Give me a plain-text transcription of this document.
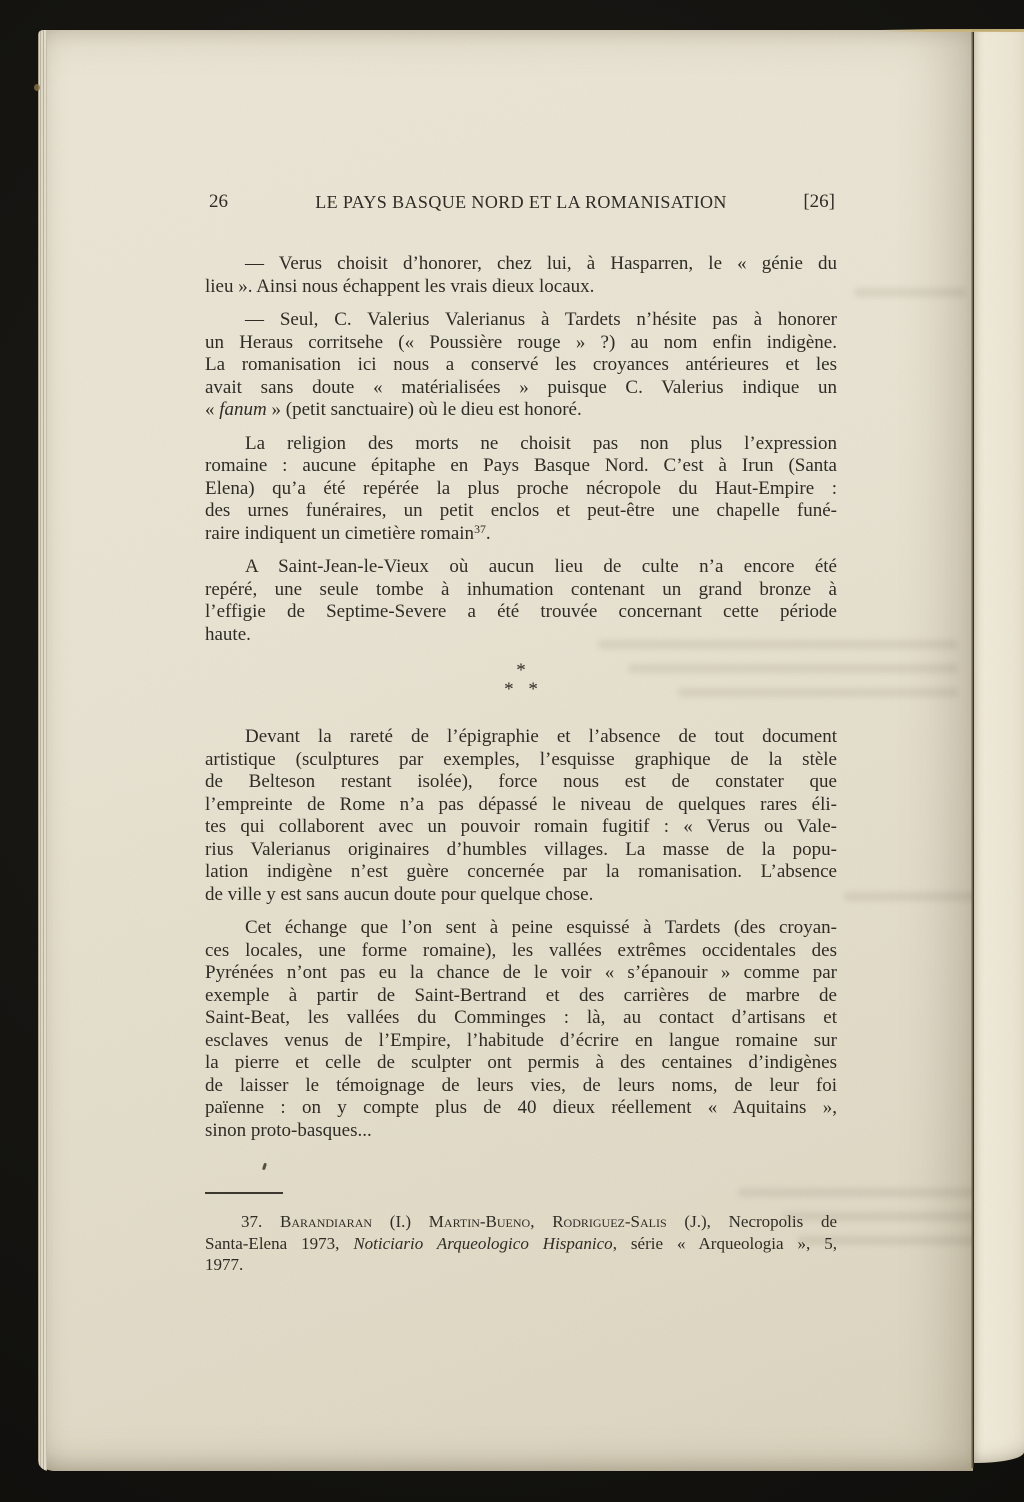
26	LE PAYS BASQUE NORD ET LA ROMANISATION	[26]
— Verus choisit d’honorer, chez lui, à Hasparren, le « génie du
lieu ». Ainsi nous échappent les vrais dieux locaux.
— Seul, C. Valerius Valerianus à Tardets n’hésite pas à honorer
un Heraus corritsehe (« Poussière rouge » ?) au nom enfin indigène.
La romanisation ici nous a conservé les croyances antérieures et les
avait sans doute « matérialisées » puisque C. Valerius indique un
« fanum » (petit sanctuaire) où le dieu est honoré.
La religion des morts ne choisit pas non plus l’expression
romaine : aucune épitaphe en Pays Basque Nord. C’est à Irun (Santa
Elena) qu’a été repérée la plus proche nécropole du Haut-Empire :
des urnes funéraires, un petit enclos et peut-être une chapelle funé-
raire indiquent un cimetière romain$^{37}$.
A Saint-Jean-le-Vieux où aucun lieu de culte n’a encore été
repéré, une seule tombe à inhumation contenant un grand bronze à
l’effigie de Septime-Severe a été trouvée concernant cette période
haute.
*
* *
Devant la rareté de l’épigraphie et l’absence de tout document
artistique (sculptures par exemples, l’esquisse graphique de la stèle
de Belteson restant isolée), force nous est de constater que
l’empreinte de Rome n’a pas dépassé le niveau de quelques rares éli-
tes qui collaborent avec un pouvoir romain fugitif : « Verus ou Vale-
rius Valerianus originaires d’humbles villages. La masse de la popu-
lation indigène n’est guère concernée par la romanisation. L’absence
de ville y est sans aucun doute pour quelque chose.
Cet échange que l’on sent à peine esquissé à Tardets (des croyan-
ces locales, une forme romaine), les vallées extrêmes occidentales des
Pyrénées n’ont pas eu la chance de le voir « s’épanouir » comme par
exemple à partir de Saint-Bertrand et des carrières de marbre de
Saint-Beat, les vallées du Comminges : là, au contact d’artisans et
esclaves venus de l’Empire, l’habitude d’écrire en langue romaine sur
la pierre et celle de sculpter ont permis à des centaines d’indigènes
de laisser le témoignage de leurs vies, de leurs noms, de leur foi
païenne : on y compte plus de 40 dieux réellement « Aquitains »,
sinon proto-basques...
37. Barandiaran (I.) Martin-Bueno, Rodriguez-Salis (J.), Necropolis de
Santa-Elena 1973, Noticiario Arqueologico Hispanico, série « Arqueologia », 5,
1977.
